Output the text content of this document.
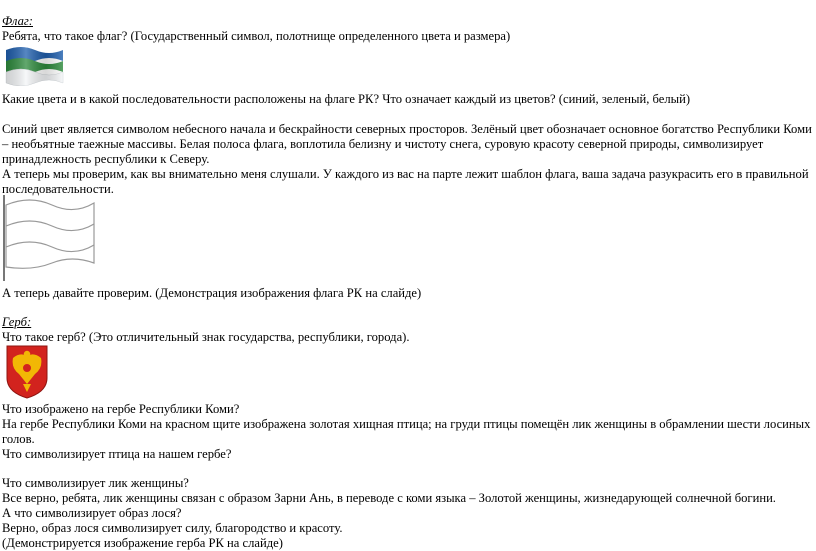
Флаг:
Ребята, что такое флаг? (Государственный символ, полотнище определенного цвета и размера)
Какие цвета и в какой последовательности расположены на флаге РК? Что означает каждый из цветов? (синий, зеленый, белый)
Синий цвет является символом небесного начала и бескрайности северных просторов. Зелёный цвет обозначает основное богатство Республики Коми
– необъятные таежные массивы. Белая полоса флага, воплотила белизну и чистоту снега, суровую красоту северной природы, символизирует
принадлежность республики к Северу.
А теперь мы проверим, как вы внимательно меня слушали. У каждого из вас на парте лежит шаблон флага, ваша задача разукрасить его в правильной
последовательности.
А теперь давайте проверим. (Демонстрация изображения флага РК на слайде)
Герб:
Что такое герб? (Это отличительный знак государства, республики, города).
Что изображено на гербе Республики Коми?
На гербе Республики Коми на красном щите изображена золотая хищная птица; на груди птицы помещён лик женщины в обрамлении шести лосиных
голов.
Что символизирует птица на нашем гербе?
Что символизирует лик женщины?
Все верно, ребята, лик женщины связан с образом Зарни Ань, в переводе с коми языка – Золотой женщины, жизнедарующей солнечной богини.
А что символизирует образ лося?
Верно, образ лося символизирует силу, благородство и красоту.
(Демонстрируется изображение герба РК на слайде)
